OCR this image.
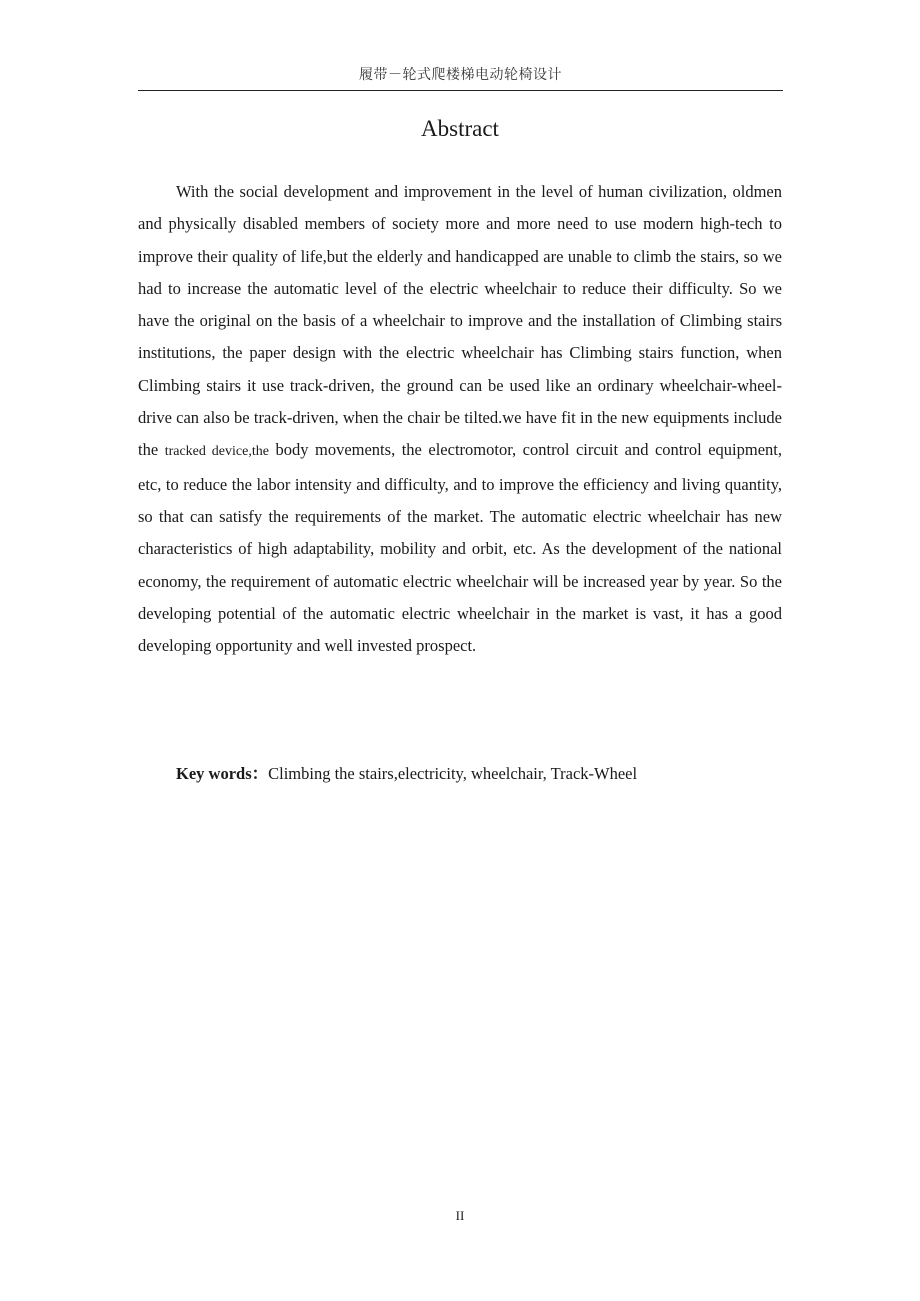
履带－轮式爬楼梯电动轮椅设计
Abstract

With the social development and improvement in the level of human civilization, oldmen and physically disabled members of society more and more need to use modern high-tech to improve their quality of life,but the elderly and handicapped are unable to climb the stairs, so we had to increase the automatic level of the electric wheelchair to reduce their difficulty. So we have the original on the basis of a wheelchair to improve and the installation of Climbing stairs institutions, the paper design with the electric wheelchair has Climbing stairs function, when Climbing stairs it use track-driven, the ground can be used like an ordinary wheelchair-wheel-drive can also be track-driven, when the chair be tilted.we have fit in the new equipments include the tracked device,the body movements, the electromotor, control circuit and control equipment, etc, to reduce the labor intensity and difficulty, and to improve the efficiency and living quantity, so that can satisfy the requirements of the market. The automatic electric wheelchair has new characteristics of high adaptability, mobility and orbit, etc. As the development of the national economy, the requirement of automatic electric wheelchair will be increased year by year. So the developing potential of the automatic electric wheelchair in the market is vast, it has a good developing opportunity and well invested prospect.

Key words：Climbing the stairs,electricity, wheelchair, Track-Wheel

II
